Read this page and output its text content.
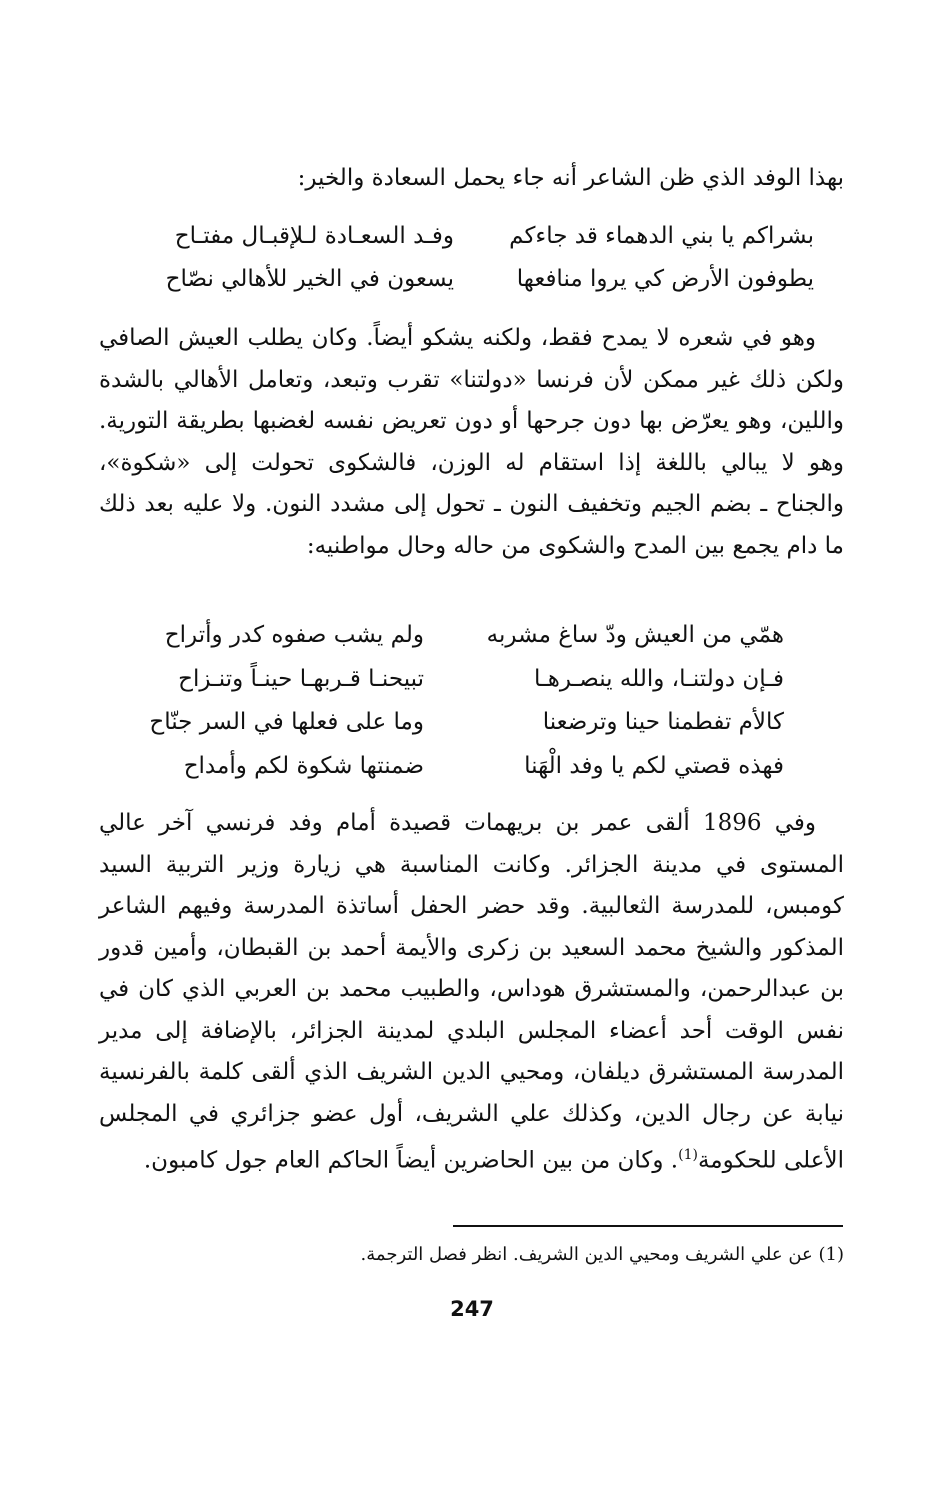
بهذا الوفد الذي ظن الشاعر أنه جاء يحمل السعادة والخير:
بشراكم يا بني الدهماء قد جاءكم
وفـد السعـادة لـلإقبـال مفتـاح
يطوفون الأرض كي يروا منافعها
يسعون في الخير للأهالي نصّاح
وهو في شعره لا يمدح فقط، ولكنه يشكو أيضاً. وكان يطلب العيش الصافي ولكن ذلك غير ممكن لأن فرنسا «دولتنا» تقرب وتبعد، وتعامل الأهالي بالشدة واللين، وهو يعرّض بها دون جرحها أو دون تعريض نفسه لغضبها بطريقة التورية. وهو لا يبالي باللغة إذا استقام له الوزن، فالشكوى تحولت إلى «شكوة»، والجناح ـ بضم الجيم وتخفيف النون ـ تحول إلى مشدد النون. ولا عليه بعد ذلك ما دام يجمع بين المدح والشكوى من حاله وحال مواطنيه:
همّي من العيش ودّ ساغ مشربه
ولم يشب صفوه كدر وأتراح
فـإن دولتنـا، والله ينصـرهـا
تبيحنـا قـربهـا حينـاً وتنـزاح
كالأم تفطمنا حينا وترضعنا
وما على فعلها في السر جنّاح
فهذه قصتي لكم يا وفد الْهَنا
ضمنتها شكوة لكم وأمداح
وفي 1896 ألقى عمر بن بريهمات قصيدة أمام وفد فرنسي آخر عالي المستوى في مدينة الجزائر. وكانت المناسبة هي زيارة وزير التربية السيد كومبس، للمدرسة الثعالبية. وقد حضر الحفل أساتذة المدرسة وفيهم الشاعر المذكور والشيخ محمد السعيد بن زكرى والأيمة أحمد بن القبطان، وأمين قدور بن عبدالرحمن، والمستشرق هوداس، والطبيب محمد بن العربي الذي كان في نفس الوقت أحد أعضاء المجلس البلدي لمدينة الجزائر، بالإضافة إلى مدير المدرسة المستشرق ديلفان، ومحيي الدين الشريف الذي ألقى كلمة بالفرنسية نيابة عن رجال الدين، وكذلك علي الشريف، أول عضو جزائري في المجلس الأعلى للحكومة$^{(1)}$. وكان من بين الحاضرين أيضاً الحاكم العام جول كامبون.
(1) عن علي الشريف ومحيي الدين الشريف. انظر فصل الترجمة.
247
